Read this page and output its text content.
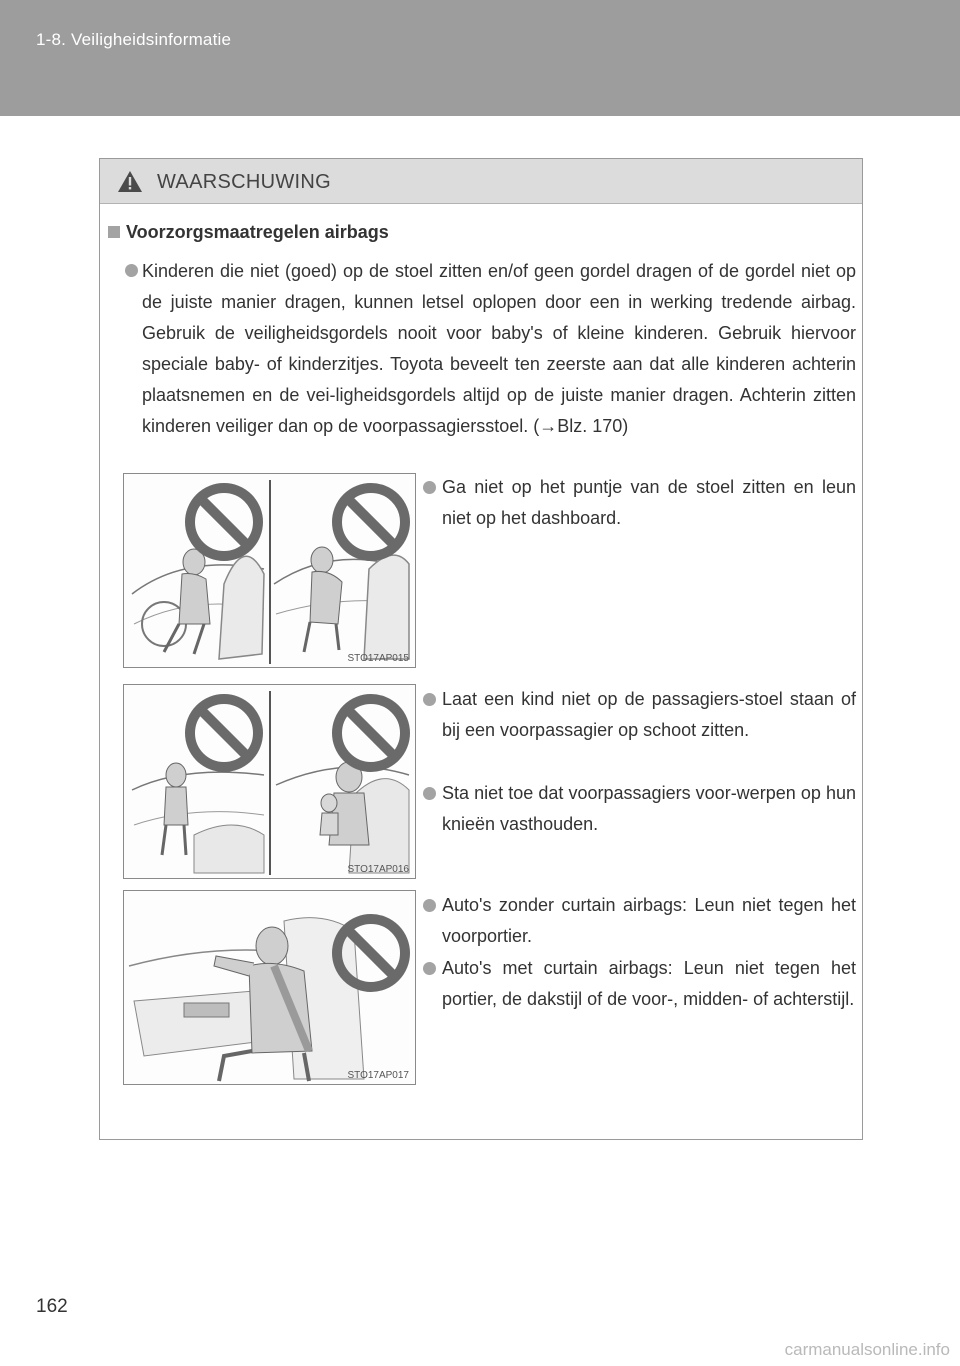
1-8. Veiligheidsinformatie
WAARSCHUWING
Voorzorgsmaatregelen airbags
Kinderen die niet (goed) op de stoel zitten en/of geen gordel dragen of de gordel niet op de juiste manier dragen, kunnen letsel oplopen door een in werking tredende airbag. Gebruik de veiligheidsgordels nooit voor baby's of kleine kinderen. Gebruik hiervoor speciale baby- of kinderzitjes. Toyota beveelt ten zeerste aan dat alle kinderen achterin plaatsnemen en de vei-ligheidsgordels altijd op de juiste manier dragen. Achterin zitten kinderen veiliger dan op de voorpassagiersstoel. (→Blz. 170)
STO17AP015
Ga niet op het puntje van de stoel zitten en leun niet op het dashboard.
STO17AP016
Laat een kind niet op de passagiers-stoel staan of bij een voorpassagier op schoot zitten.
Sta niet toe dat voorpassagiers voor-werpen op hun knieën vasthouden.
STO17AP017
Auto's zonder curtain airbags: Leun niet tegen het voorportier.
Auto's met curtain airbags: Leun niet tegen het portier, de dakstijl of de voor-, midden- of achterstijl.
162
carmanualsonline.info
